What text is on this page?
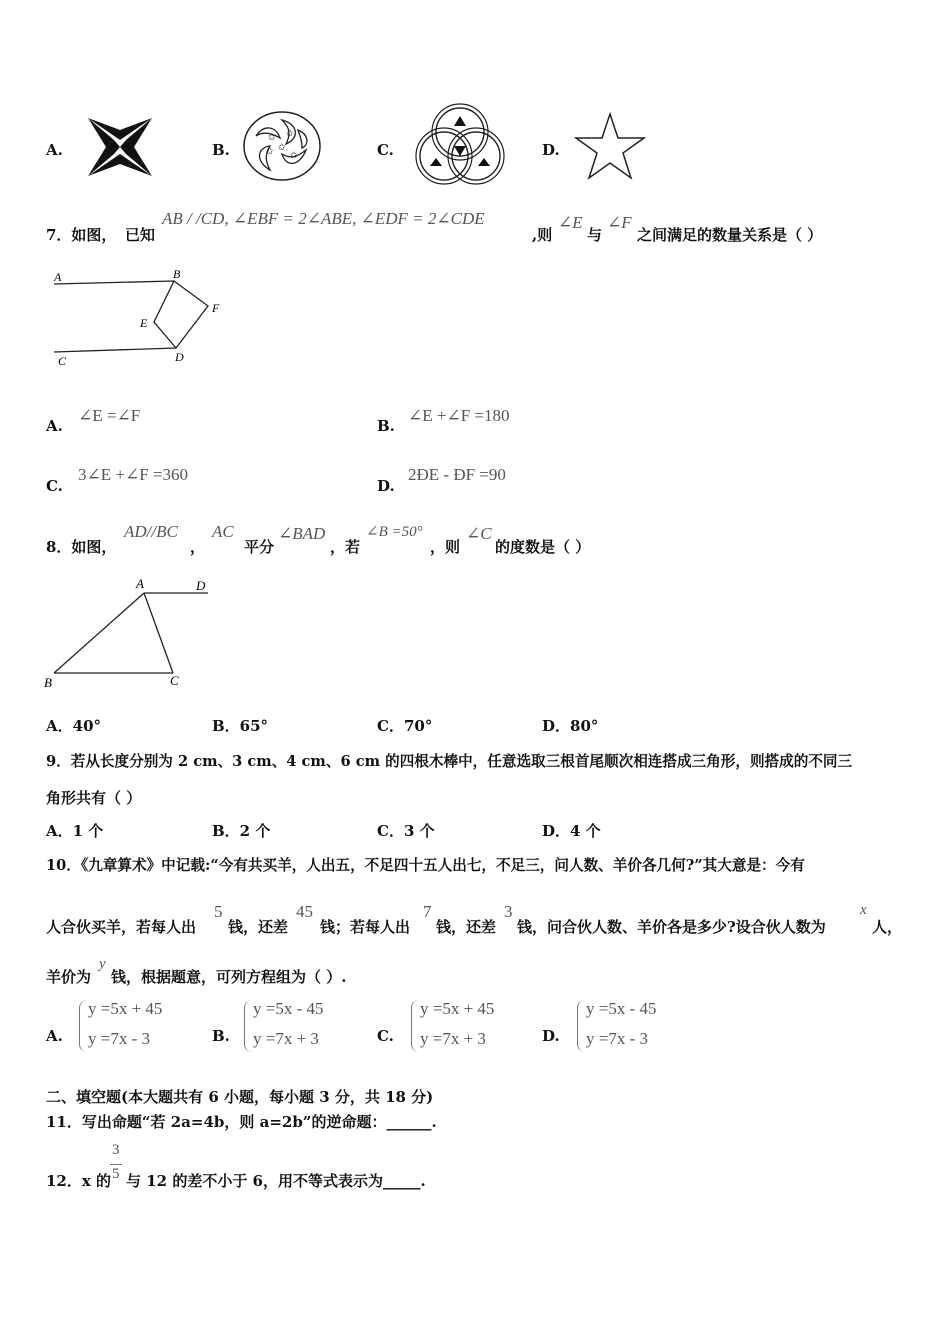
A.	B.
✩
✩
✩
✩
✩	C.	D.
7．如图， 已知
AB / /CD, ∠EBF = 2∠ABE, ∠EDF = 2∠CDE
,则
∠E
与
∠F
之间满足的数量关系是（ ）
A	B
C	D
E
F
A.
∠E =∠F
B.
∠E +∠F =180
C.
3∠E +∠F =360
D.
2ÐE - ÐF =90
8．如图，
AD//BC
，
AC
平分
∠BAD
，若
∠B =50°
，则
∠C
的度数是（ ）
A	D
B	C
A．40°	B．65°	C．70°	D．80°
9．若从长度分别为 2 cm、3 cm、4 cm、6 cm 的四根木棒中，任意选取三根首尾顺次相连搭成三角形，则搭成的不同三
角形共有（ ）
A．1 个	B．2 个	C．3 个	D．4 个
10．《九章算术》中记载:“今有共买羊，人出五，不足四十五人出七，不足三，问人数、羊价各几何?”其大意是：今有
人合伙买羊，若每人出
5
钱，还差
45
钱；若每人出
7
钱，还差
3
钱，问合伙人数、羊价各是多少?设合伙人数为
x
人，
羊价为
y
钱，根据题意，可列方程组为（ ）.
A.
y =5x + 45
y =7x - 3	B.
y =5x - 45
y =7x + 3	C.
y =5x + 45
y =7x + 3	D.
y =5x - 45
y =7x - 3
二、填空题(本大题共有 6 小题，每小题 3 分，共 18 分)
11．写出命题“若 2a=4b，则 a=2b”的逆命题：______.
12．x 的
3
5 与 12 的差不小于 6，用不等式表示为_____.
